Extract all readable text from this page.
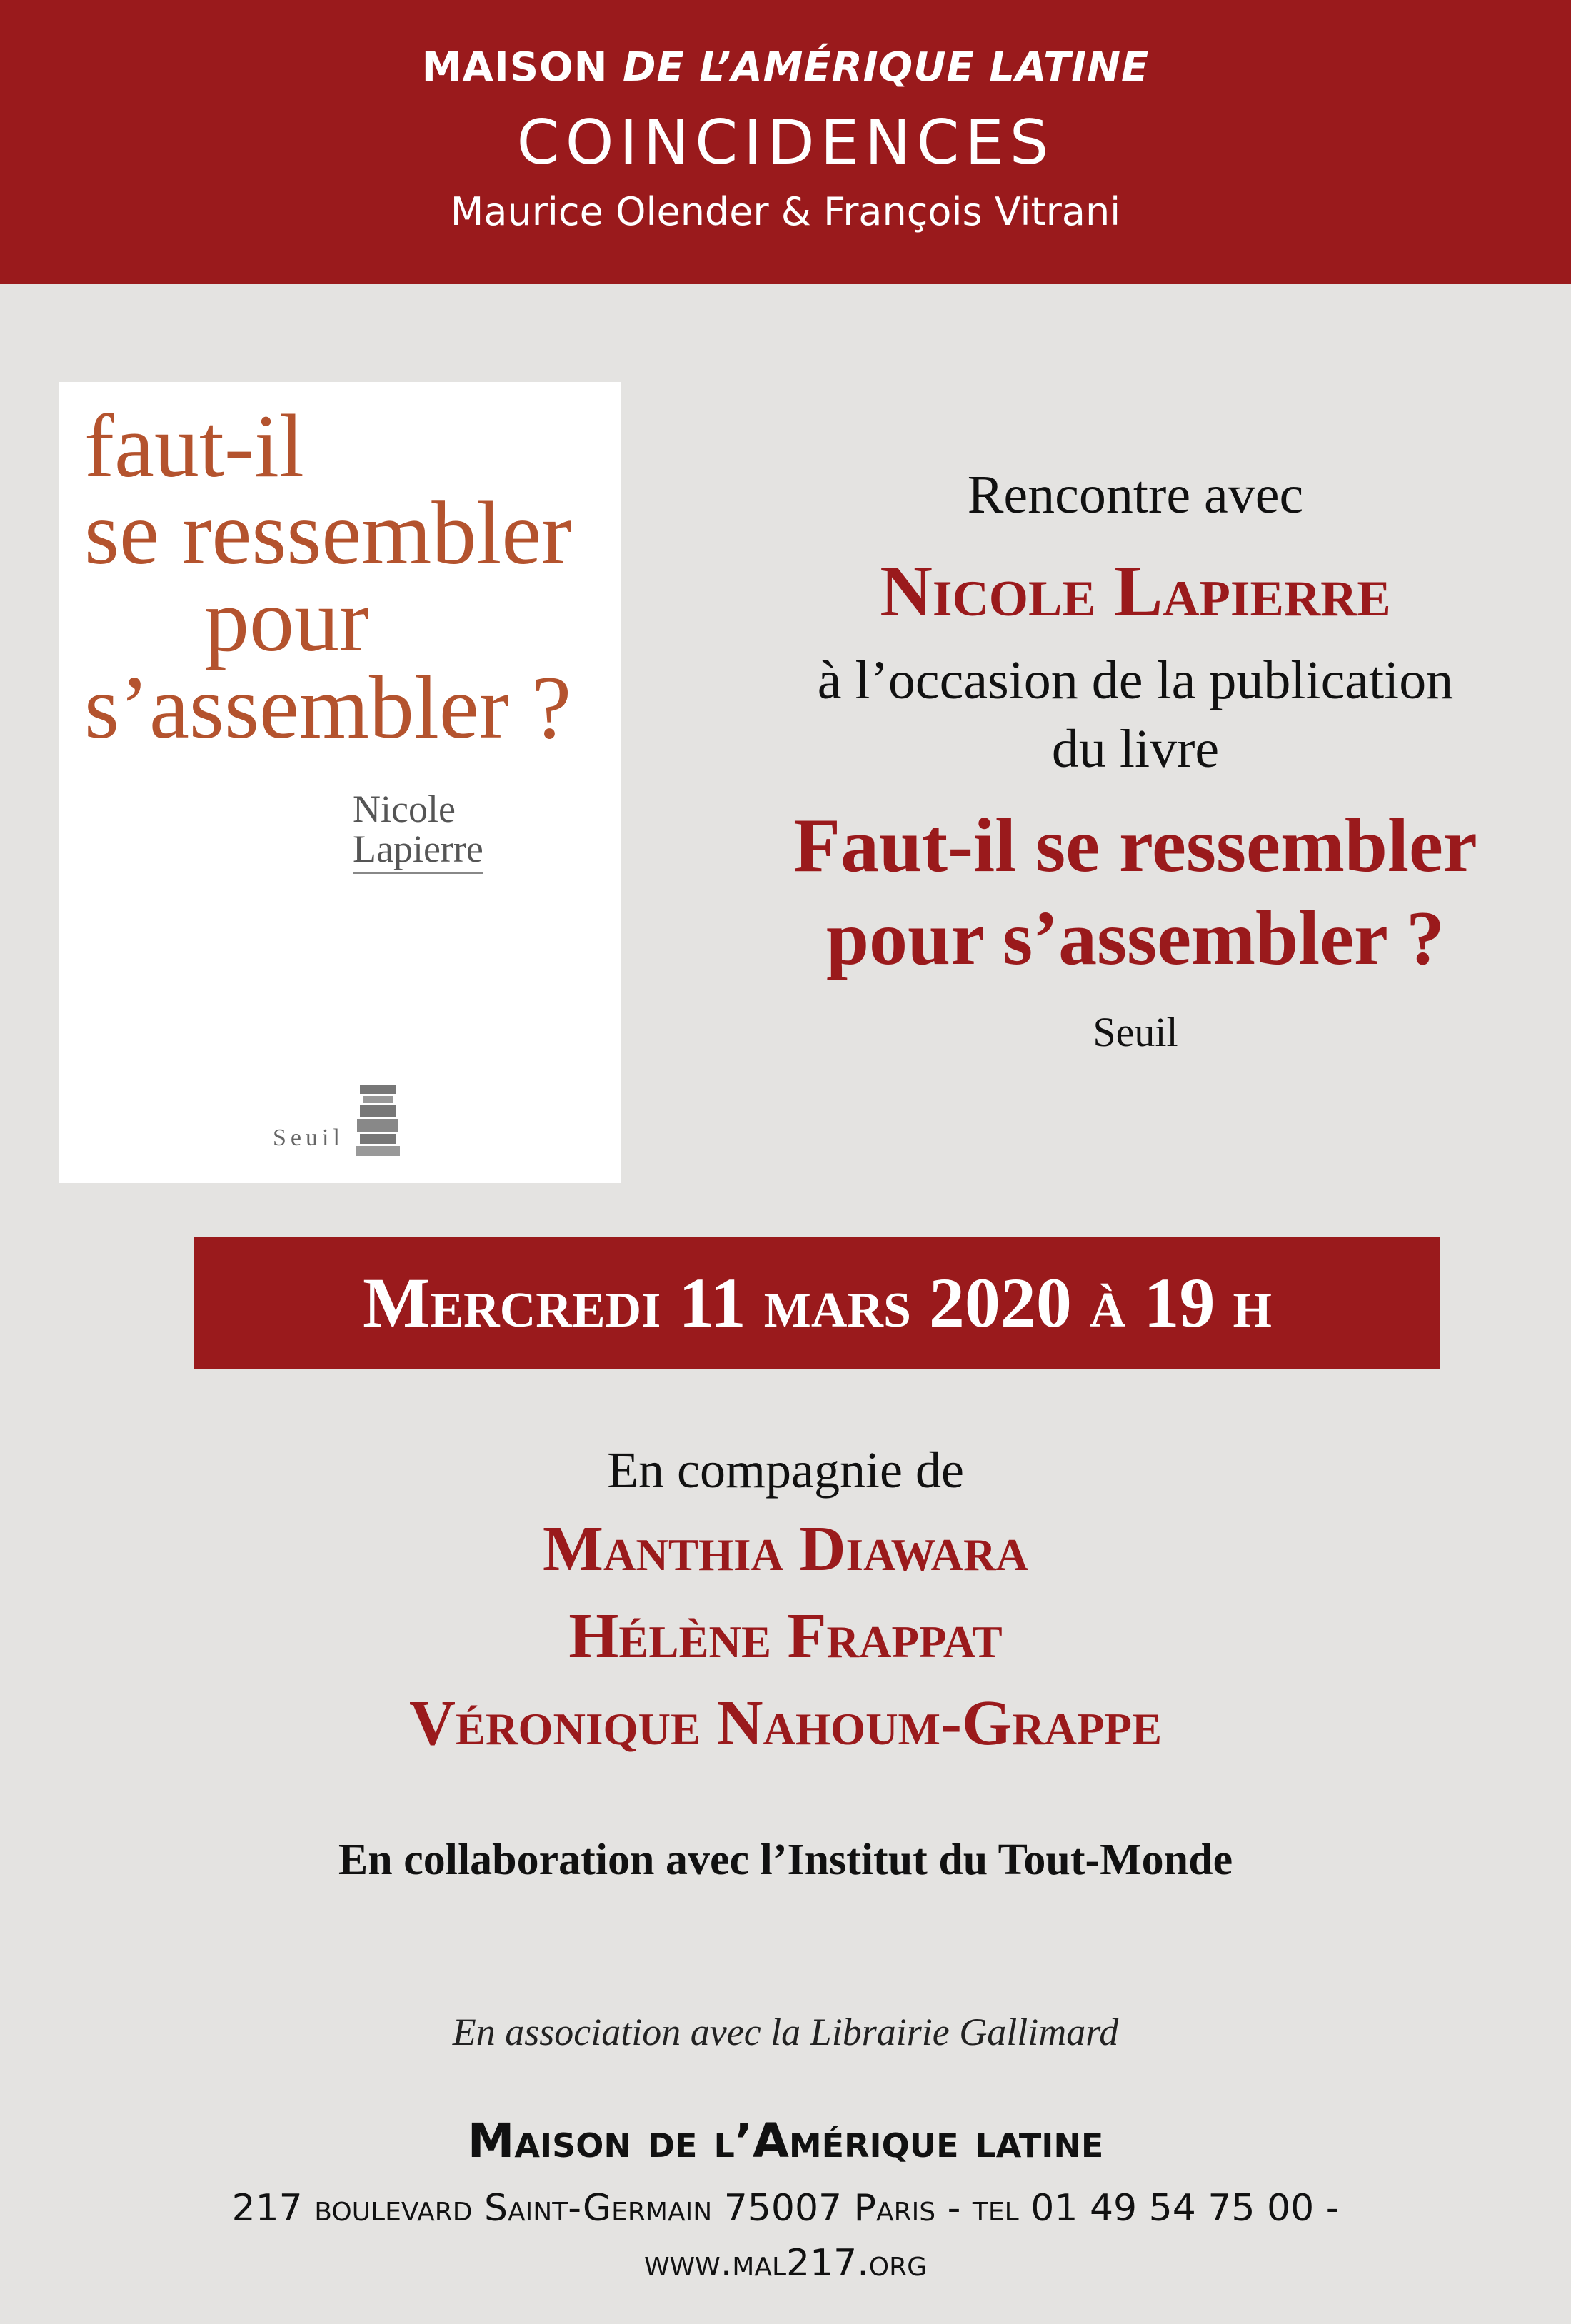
MAISON DE L’AMÉRIQUE LATINE
COINCIDENCES
Maurice Olender & François Vitrani
faut-il
se ressembler
pour
s’assembler ?
Nicole
Lapierre
Seuil
Rencontre avec
Nicole Lapierre
à l’occasion de la publication
du livre
Faut-il se ressembler
pour s’assembler ?
Seuil
Mercredi 11 mars 2020 à 19 h
En compagnie de
Manthia Diawara
Hélène Frappat
Véronique Nahoum-Grappe
En collaboration avec l’Institut du Tout-Monde
En association avec la Librairie Gallimard
Maison de l’Amérique latine
217 boulevard Saint-Germain 75007 Paris - tel 01 49 54 75 00 -
www.mal217.org
